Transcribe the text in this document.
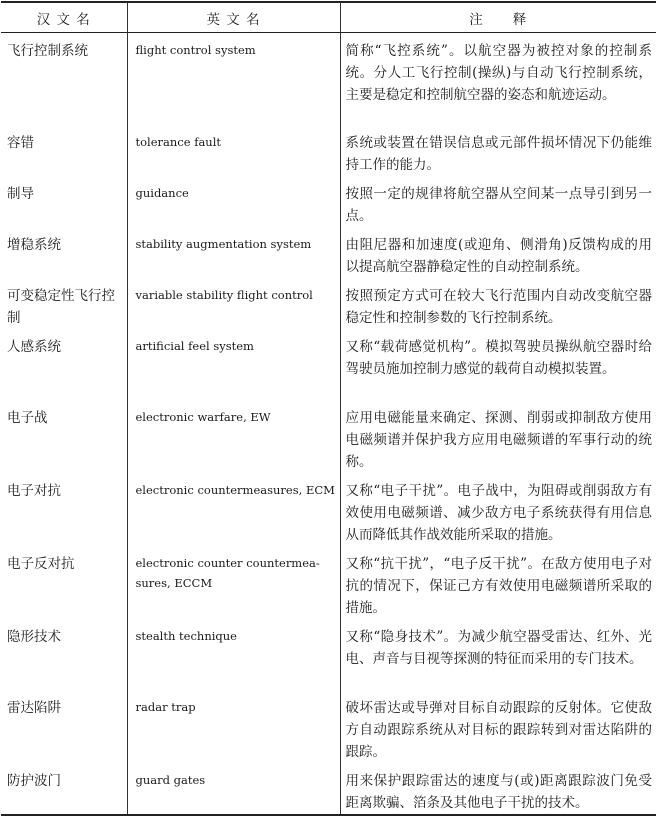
汉 文 名	英 文 名	注　　释
飞行控制系统	flight control system	简称“飞控系统”。以航空器为被控对象的控制系统。分人工飞行控制(操纵)与自动飞行控制系统，主要是稳定和控制航空器的姿态和航迹运动。
容错	tolerance fault	系统或装置在错误信息或元部件损坏情况下仍能维持工作的能力。
制导	guidance	按照一定的规律将航空器从空间某一点导引到另一点。
增稳系统	stability augmentation system	由阻尼器和加速度(或迎角、侧滑角)反馈构成的用以提高航空器静稳定性的自动控制系统。
可变稳定性飞行控制	variable stability flight control	按照预定方式可在较大飞行范围内自动改变航空器稳定性和控制参数的飞行控制系统。
人感系统	artificial feel system	又称“载荷感觉机构”。模拟驾驶员操纵航空器时给驾驶员施加控制力感觉的载荷自动模拟装置。
电子战	electronic warfare, EW	应用电磁能量来确定、探测、削弱或抑制敌方使用电磁频谱并保护我方应用电磁频谱的军事行动的统称。
电子对抗	electronic countermeasures, ECM	又称“电子干扰”。电子战中，为阻碍或削弱敌方有效使用电磁频谱、减少敌方电子系统获得有用信息从而降低其作战效能所采取的措施。
电子反对抗	electronic counter countermea-sures, ECCM	又称“抗干扰”，“电子反干扰”。在敌方使用电子对抗的情况下，保证己方有效使用电磁频谱所采取的措施。
隐形技术	stealth technique	又称“隐身技术”。为减少航空器受雷达、红外、光电、声音与目视等探测的特征而采用的专门技术。
雷达陷阱	radar trap	破坏雷达或导弹对目标自动跟踪的反射体。它使敌方自动跟踪系统从对目标的跟踪转到对雷达陷阱的跟踪。
防护波门	guard gates	用来保护跟踪雷达的速度与(或)距离跟踪波门免受距离欺骗、箔条及其他电子干扰的技术。
